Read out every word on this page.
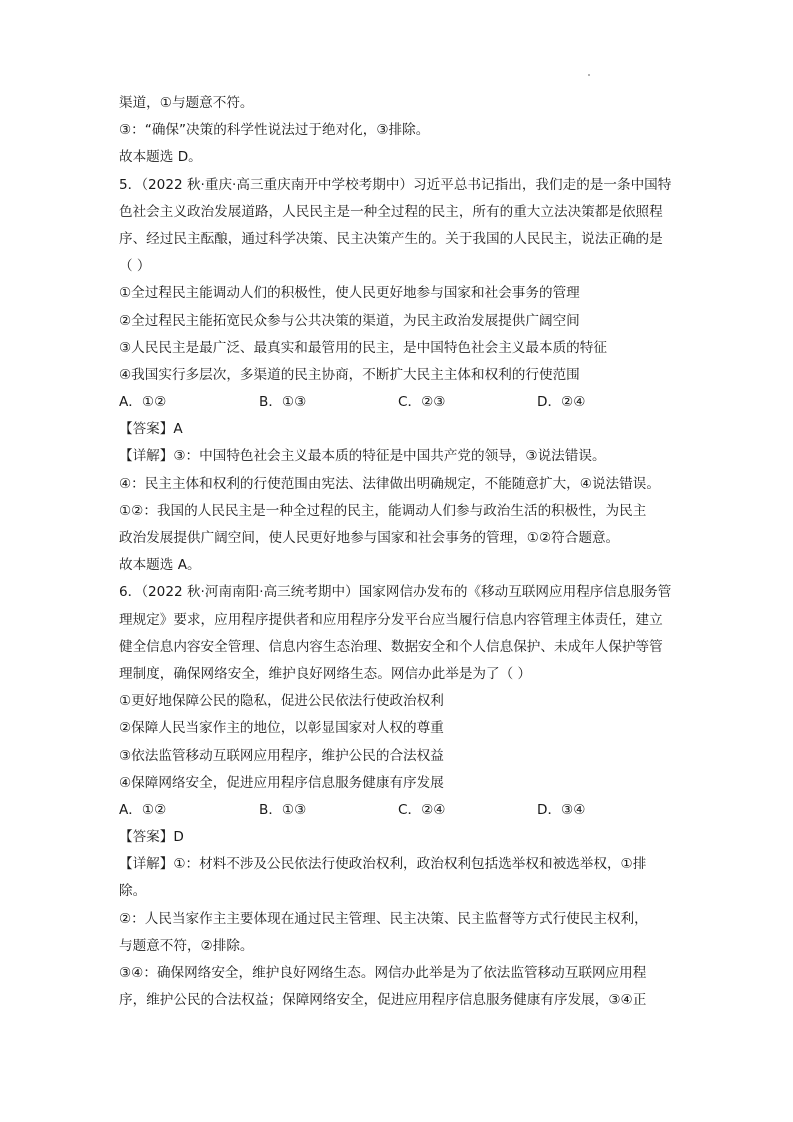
渠道，①与题意不符。
③：“确保”决策的科学性说法过于绝对化，③排除。
故本题选 D。
5．（2022 秋·重庆·高三重庆南开中学校考期中）习近平总书记指出，我们走的是一条中国特
色社会主义政治发展道路，人民民主是一种全过程的民主，所有的重大立法决策都是依照程
序、经过民主酝酿，通过科学决策、民主决策产生的。关于我国的人民民主，说法正确的是
（ ）
①全过程民主能调动人们的积极性，使人民更好地参与国家和社会事务的管理
②全过程民主能拓宽民众参与公共决策的渠道，为民主政治发展提供广阔空间
③人民民主是最广泛、最真实和最管用的民主，是中国特色社会主义最本质的特征
④我国实行多层次，多渠道的民主协商，不断扩大民主主体和权利的行使范围
A．①②	B．①③	C．②③	D．②④
【答案】A
【详解】③：中国特色社会主义最本质的特征是中国共产党的领导，③说法错误。
④：民主主体和权利的行使范围由宪法、法律做出明确规定，不能随意扩大，④说法错误。
①②：我国的人民民主是一种全过程的民主，能调动人们参与政治生活的积极性，为民主
政治发展提供广阔空间，使人民更好地参与国家和社会事务的管理，①②符合题意。
故本题选 A。
6．（2022 秋·河南南阳·高三统考期中）国家网信办发布的《移动互联网应用程序信息服务管
理规定》要求，应用程序提供者和应用程序分发平台应当履行信息内容管理主体责任，建立
健全信息内容安全管理、信息内容生态治理、数据安全和个人信息保护、未成年人保护等管
理制度，确保网络安全，维护良好网络生态。网信办此举是为了（ ）
①更好地保障公民的隐私，促进公民依法行使政治权利
②保障人民当家作主的地位，以彰显国家对人权的尊重
③依法监管移动互联网应用程序，维护公民的合法权益
④保障网络安全，促进应用程序信息服务健康有序发展
A．①②	B．①③	C．②④	D．③④
【答案】D
【详解】①：材料不涉及公民依法行使政治权利，政治权利包括选举权和被选举权，①排
除。
②：人民当家作主主要体现在通过民主管理、民主决策、民主监督等方式行使民主权利，
与题意不符，②排除。
③④：确保网络安全，维护良好网络生态。网信办此举是为了依法监管移动互联网应用程
序，维护公民的合法权益；保障网络安全，促进应用程序信息服务健康有序发展，③④正
